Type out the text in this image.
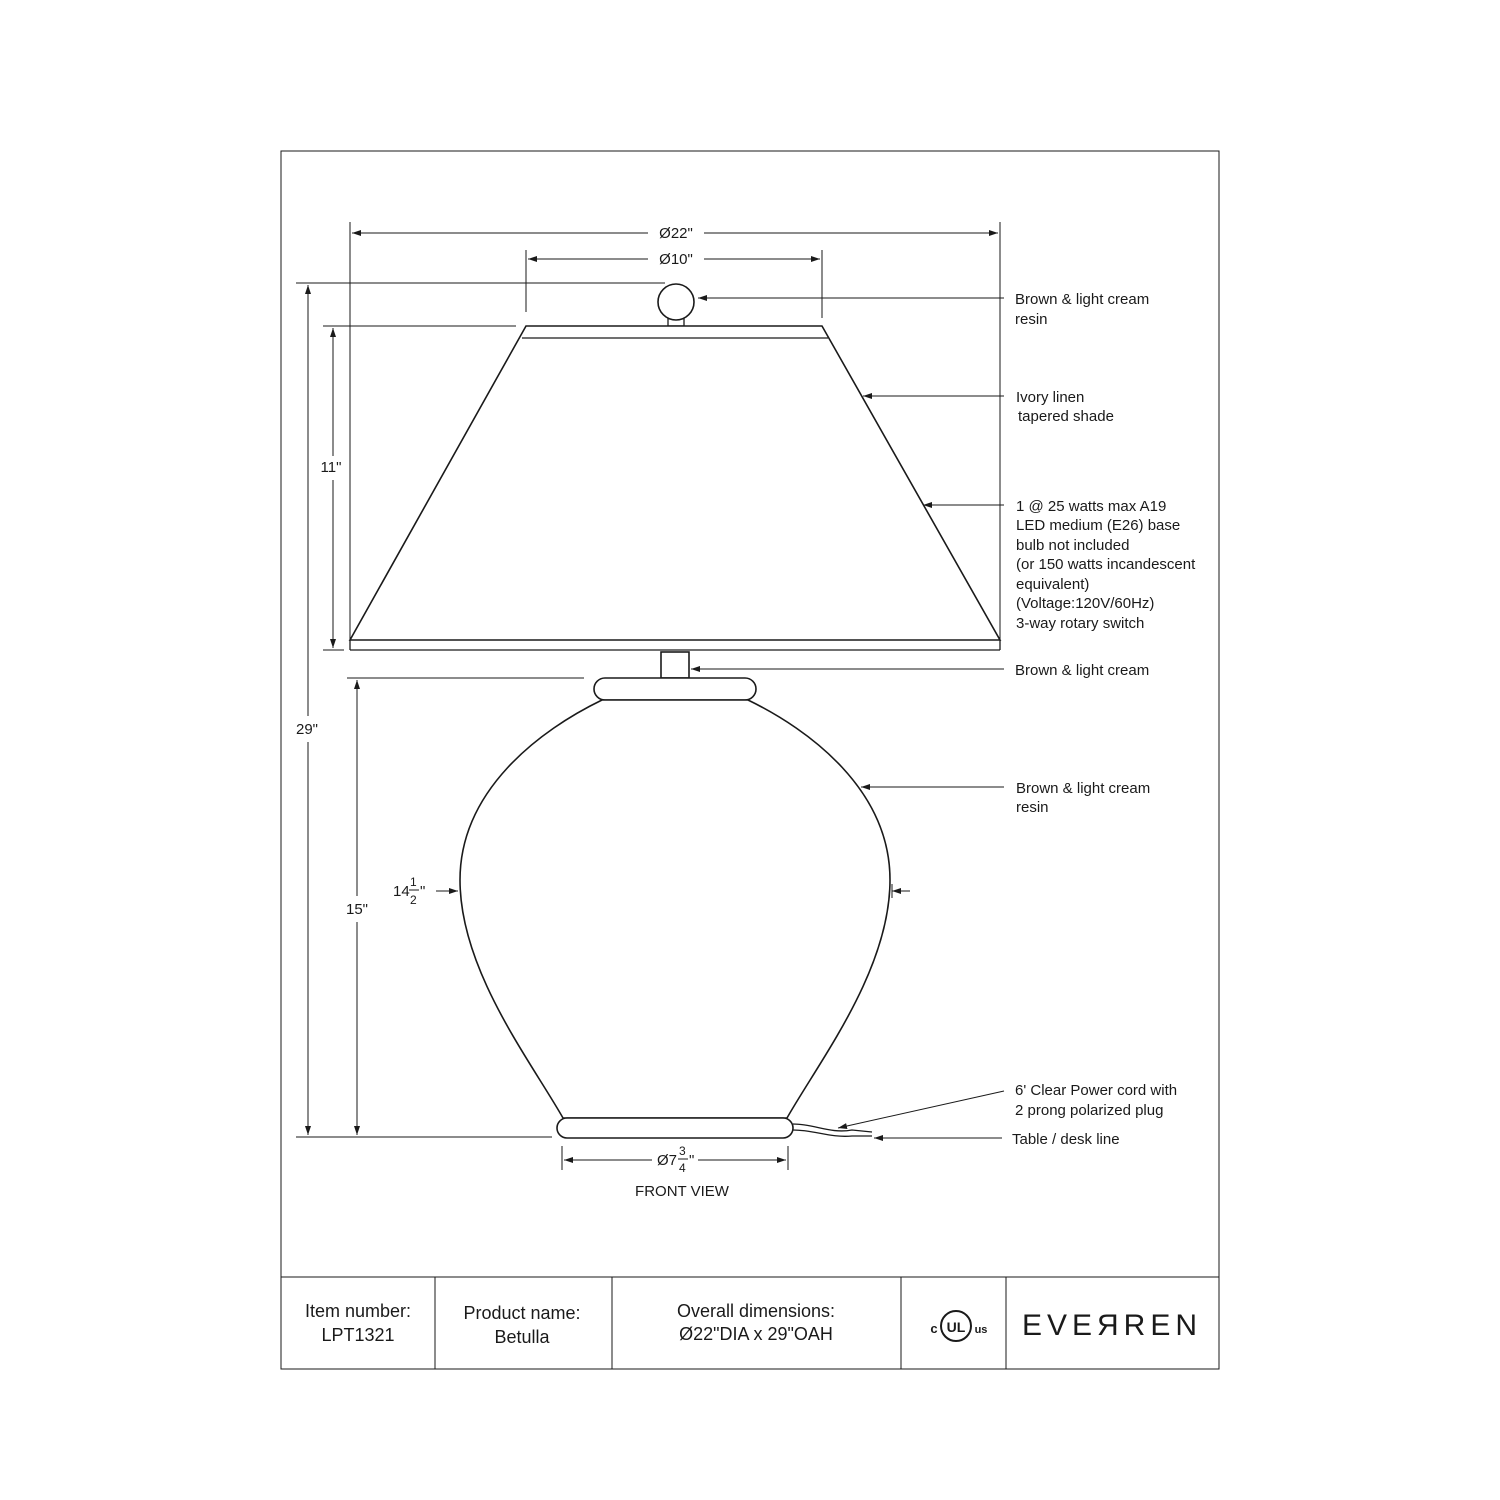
Ø22"
Ø10"
29"
11"
15"
14
1
2 "
Ø7
3
4 "
FRONT VIEW
Brown & light cream
resin
Ivory linen
tapered shade
1 @ 25 watts max A19
LED medium (E26) base
bulb not included
(or 150 watts incandescent
equivalent)
(Voltage:120V/60Hz)
3-way rotary switch
Brown & light cream
Brown & light cream
resin
6' Clear Power cord with
2 prong polarized plug
Table / desk line
Item number:
LPT1321
Product name:
Betulla
Overall dimensions:
Ø22"DIA x 29"OAH	c UL us EVEЯREN
